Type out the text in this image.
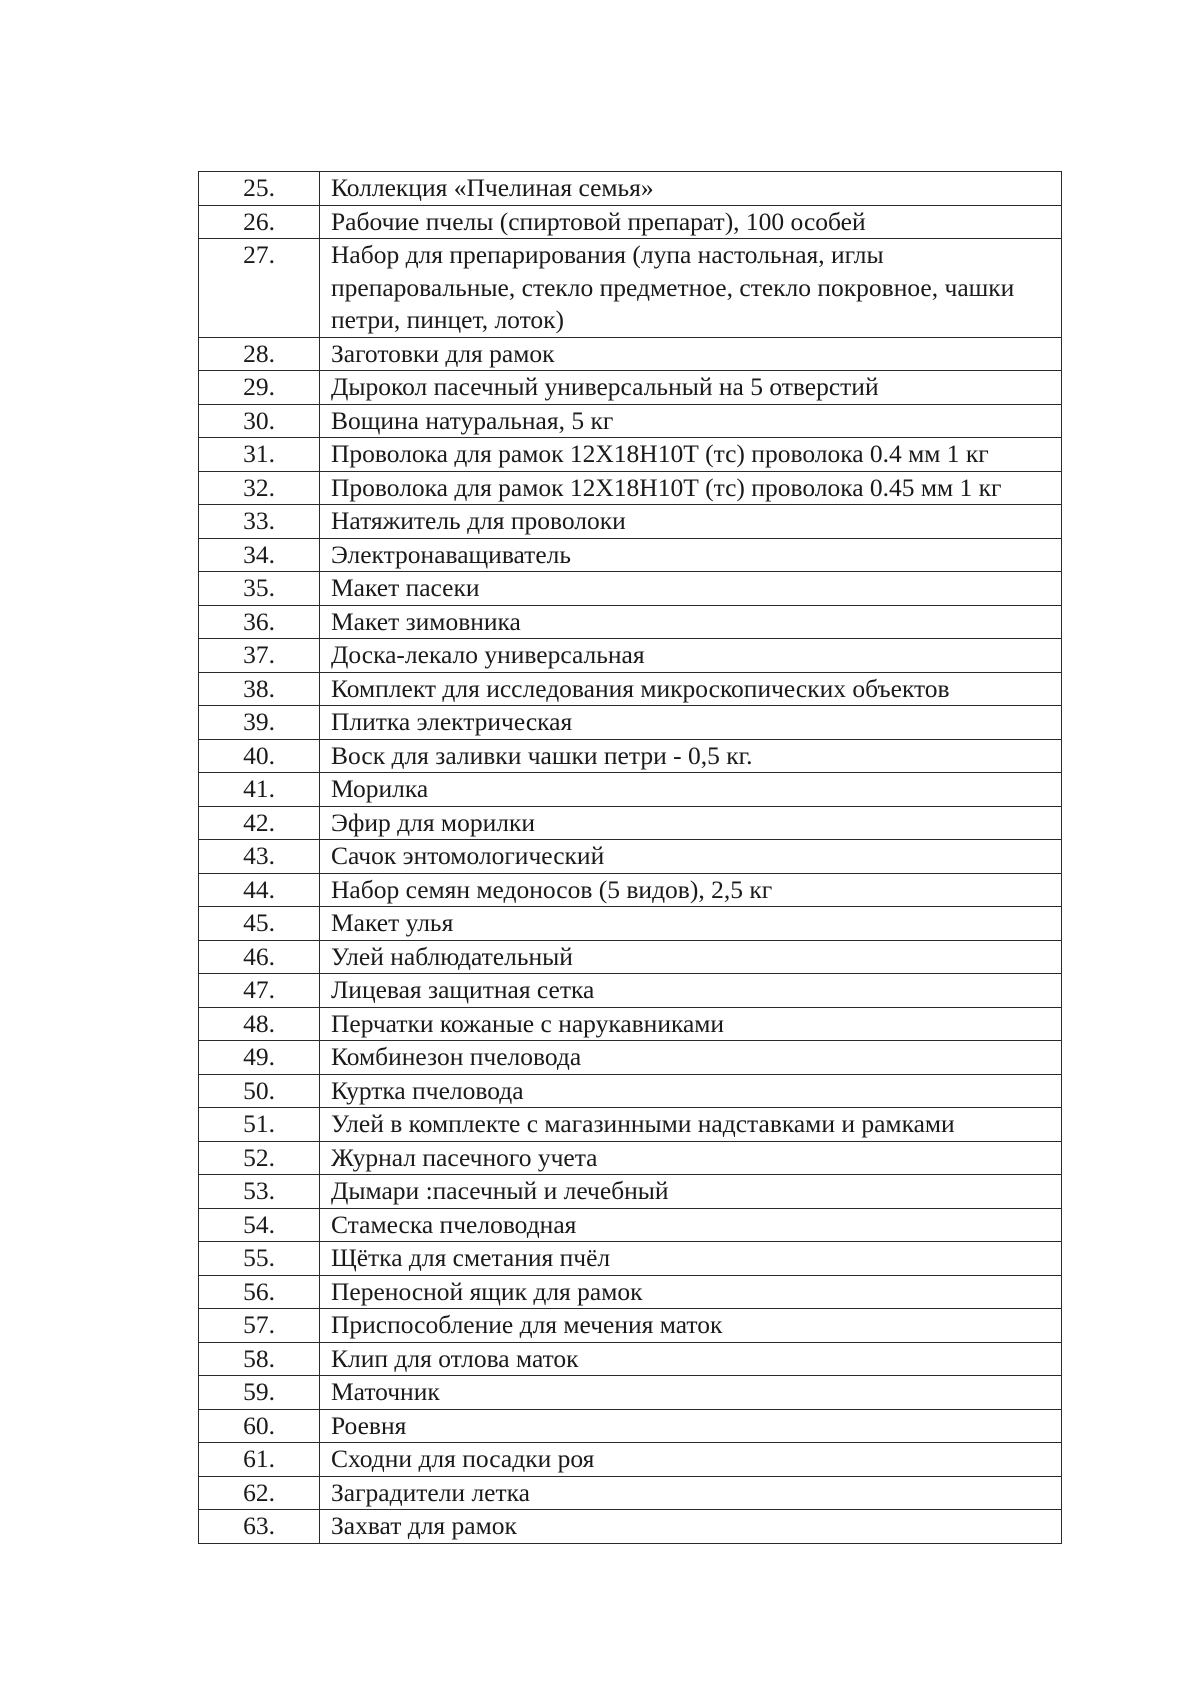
25.	Коллекция «Пчелиная семья»
26.	Рабочие пчелы (спиртовой препарат), 100 особей
27.	Набор для препарирования (лупа настольная, иглы препаровальные, стекло предметное, стекло покровное, чашки петри, пинцет, лоток)
28.	Заготовки для рамок
29.	Дырокол пасечный универсальный на 5 отверстий
30.	Вощина натуральная, 5 кг
31.	Проволока для рамок 12Х18Н10Т (тс) проволока 0.4 мм 1 кг
32.	Проволока для рамок 12Х18Н10Т (тс) проволока 0.45 мм 1 кг
33.	Натяжитель для проволоки
34.	Электронаващиватель
35.	Макет пасеки
36.	Макет зимовника
37.	Доска-лекало универсальная
38.	Комплект для исследования микроскопических объектов
39.	Плитка электрическая
40.	Воск для заливки чашки петри - 0,5 кг.
41.	Морилка
42.	Эфир для морилки
43.	Сачок энтомологический
44.	Набор семян медоносов (5 видов), 2,5 кг
45.	Макет улья
46.	Улей наблюдательный
47.	Лицевая защитная сетка
48.	Перчатки кожаные с нарукавниками
49.	Комбинезон пчеловода
50.	Куртка пчеловода
51.	Улей в комплекте с магазинными надставками и рамками
52.	Журнал пасечного учета
53.	Дымари :пасечный и лечебный
54.	Стамеска пчеловодная
55.	Щётка для сметания пчёл
56.	Переносной ящик для рамок
57.	Приспособление для мечения маток
58.	Клип для отлова маток
59.	Маточник
60.	Роевня
61.	Сходни для посадки роя
62.	Заградители летка
63.	Захват для рамок
